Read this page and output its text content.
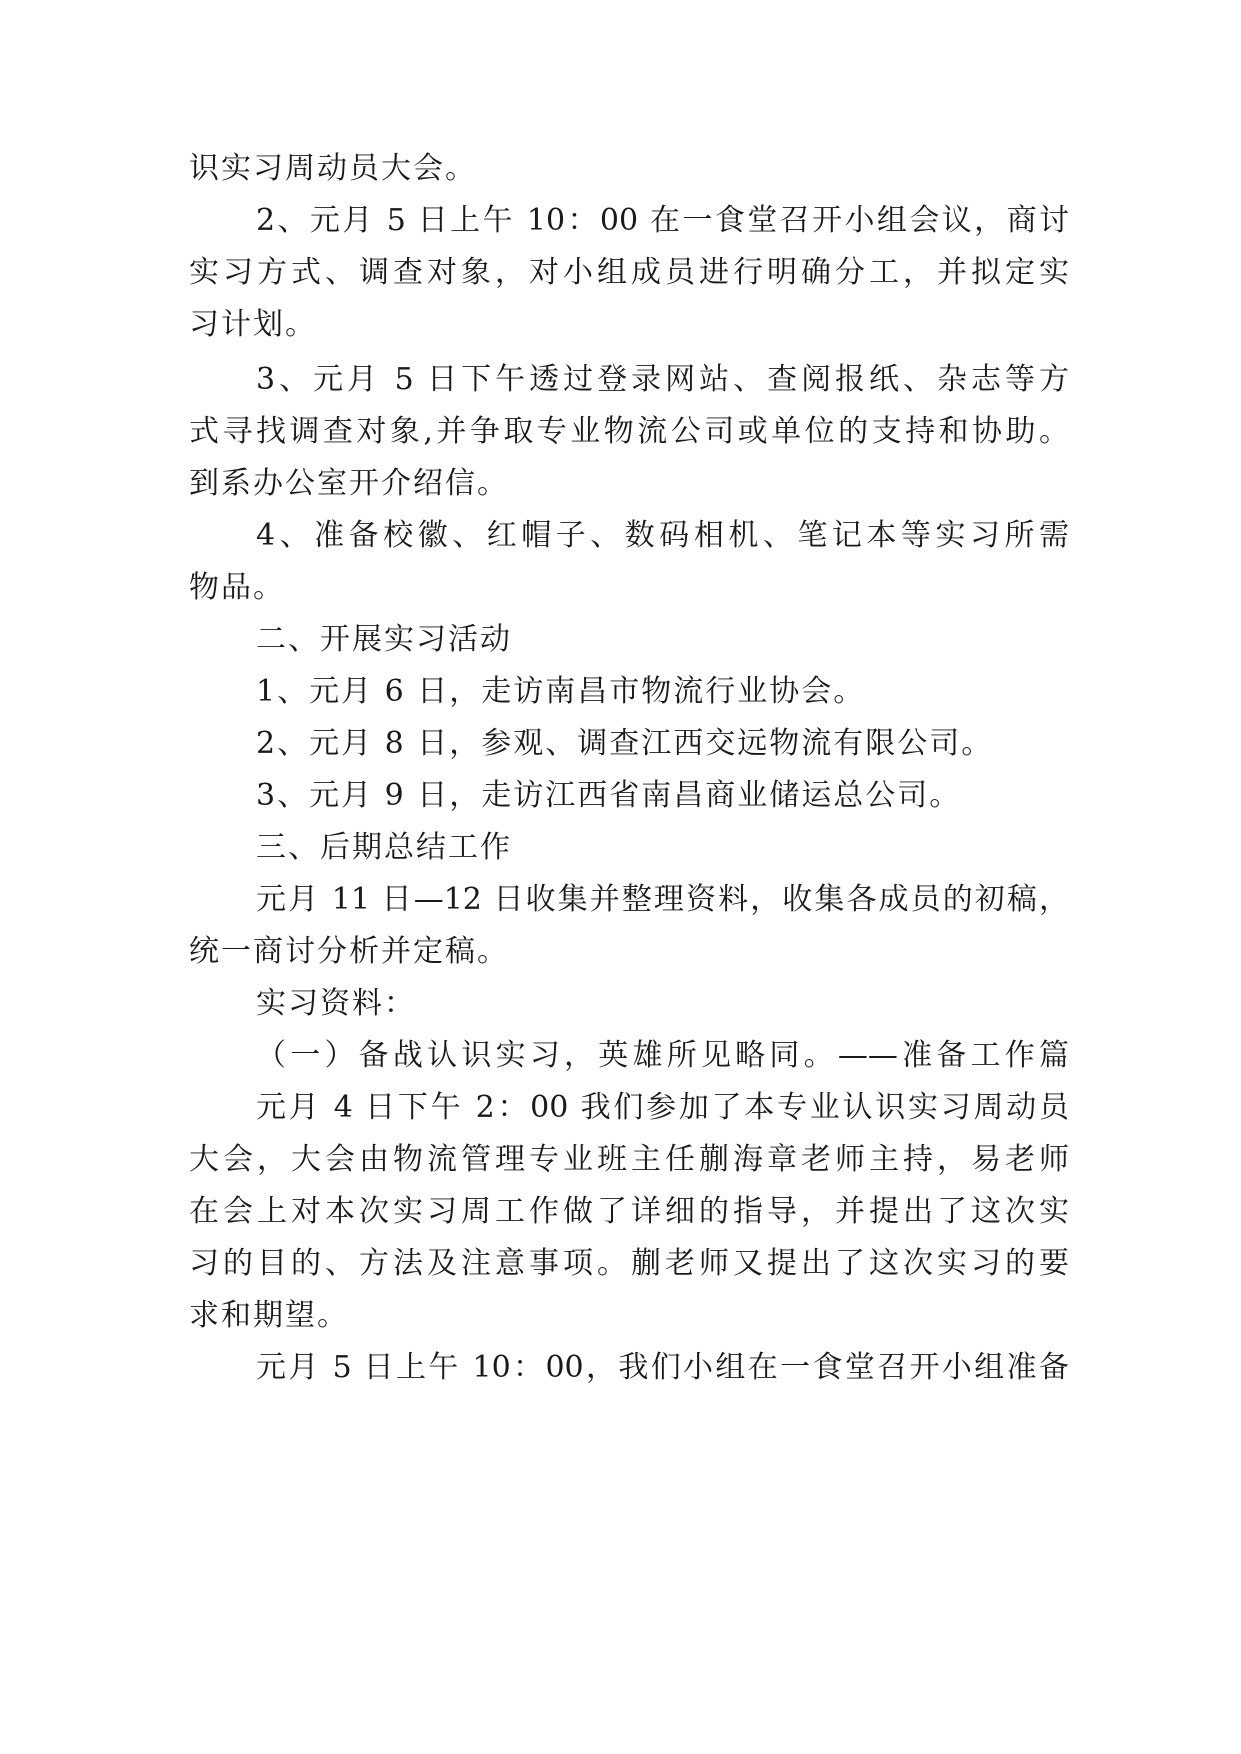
识实习周动员大会。

2、元月 5 日上午 10：00 在一食堂召开小组会议，商讨

实习方式、调查对象，对小组成员进行明确分工，并拟定实

习计划。

3、元月 5 日下午透过登录网站、查阅报纸、杂志等方

式寻找调查对象,并争取专业物流公司或单位的支持和协助。

到系办公室开介绍信。

4、准备校徽、红帽子、数码相机、笔记本等实习所需

物品。

二、开展实习活动

1、元月 6 日，走访南昌市物流行业协会。

2、元月 8 日，参观、调查江西交远物流有限公司。

3、元月 9 日，走访江西省南昌商业储运总公司。

三、后期总结工作

元月 11 日—12 日收集并整理资料，收集各成员的初稿，

统一商讨分析并定稿。

实习资料：

（一）备战认识实习，英雄所见略同。——准备工作篇

元月 4 日下午 2：00 我们参加了本专业认识实习周动员

大会，大会由物流管理专业班主任蒯海章老师主持，易老师

在会上对本次实习周工作做了详细的指导，并提出了这次实

习的目的、方法及注意事项。蒯老师又提出了这次实习的要

求和期望。

元月 5 日上午 10：00，我们小组在一食堂召开小组准备
